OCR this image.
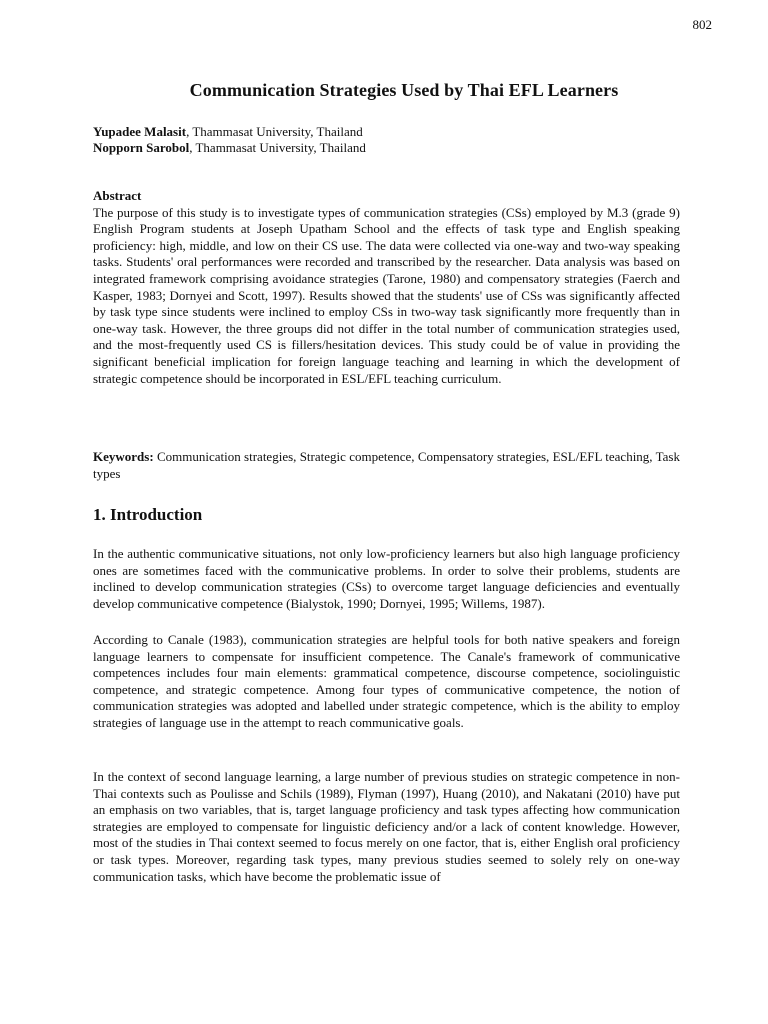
802
Communication Strategies Used by Thai EFL Learners
Yupadee Malasit, Thammasat University, Thailand
Nopporn Sarobol, Thammasat University, Thailand
Abstract

The purpose of this study is to investigate types of communication strategies (CSs) employed by M.3 (grade 9) English Program students at Joseph Upatham School and the effects of task type and English speaking proficiency: high, middle, and low on their CS use. The data were collected via one-way and two-way speaking tasks. Students' oral performances were recorded and transcribed by the researcher. Data analysis was based on integrated framework comprising avoidance strategies (Tarone, 1980) and compensatory strategies (Faerch and Kasper, 1983; Dornyei and Scott, 1997). Results showed that the students' use of CSs was significantly affected by task type since students were inclined to employ CSs in two-way task significantly more frequently than in one-way task. However, the three groups did not differ in the total number of communication strategies used, and the most-frequently used CS is fillers/hesitation devices. This study could be of value in providing the significant beneficial implication for foreign language teaching and learning in which the development of strategic competence should be incorporated in ESL/EFL teaching curriculum.

Keywords: Communication strategies, Strategic competence, Compensatory strategies, ESL/EFL teaching, Task types

1. Introduction

In the authentic communicative situations, not only low-proficiency learners but also high language proficiency ones are sometimes faced with the communicative problems. In order to solve their problems, students are inclined to develop communication strategies (CSs) to overcome target language deficiencies and eventually develop communicative competence (Bialystok, 1990; Dornyei, 1995; Willems, 1987).

According to Canale (1983), communication strategies are helpful tools for both native speakers and foreign language learners to compensate for insufficient competence. The Canale's framework of communicative competences includes four main elements: grammatical competence, discourse competence, sociolinguistic competence, and strategic competence. Among four types of communicative competence, the notion of communication strategies was adopted and labelled under strategic competence, which is the ability to employ strategies of language use in the attempt to reach communicative goals.

In the context of second language learning, a large number of previous studies on strategic competence in non-Thai contexts such as Poulisse and Schils (1989), Flyman (1997), Huang (2010), and Nakatani (2010) have put an emphasis on two variables, that is, target language proficiency and task types affecting how communication strategies are employed to compensate for linguistic deficiency and/or a lack of content knowledge. However, most of the studies in Thai context seemed to focus merely on one factor, that is, either English oral proficiency or task types. Moreover, regarding task types, many previous studies seemed to solely rely on one-way communication tasks, which have become the problematic issue of
